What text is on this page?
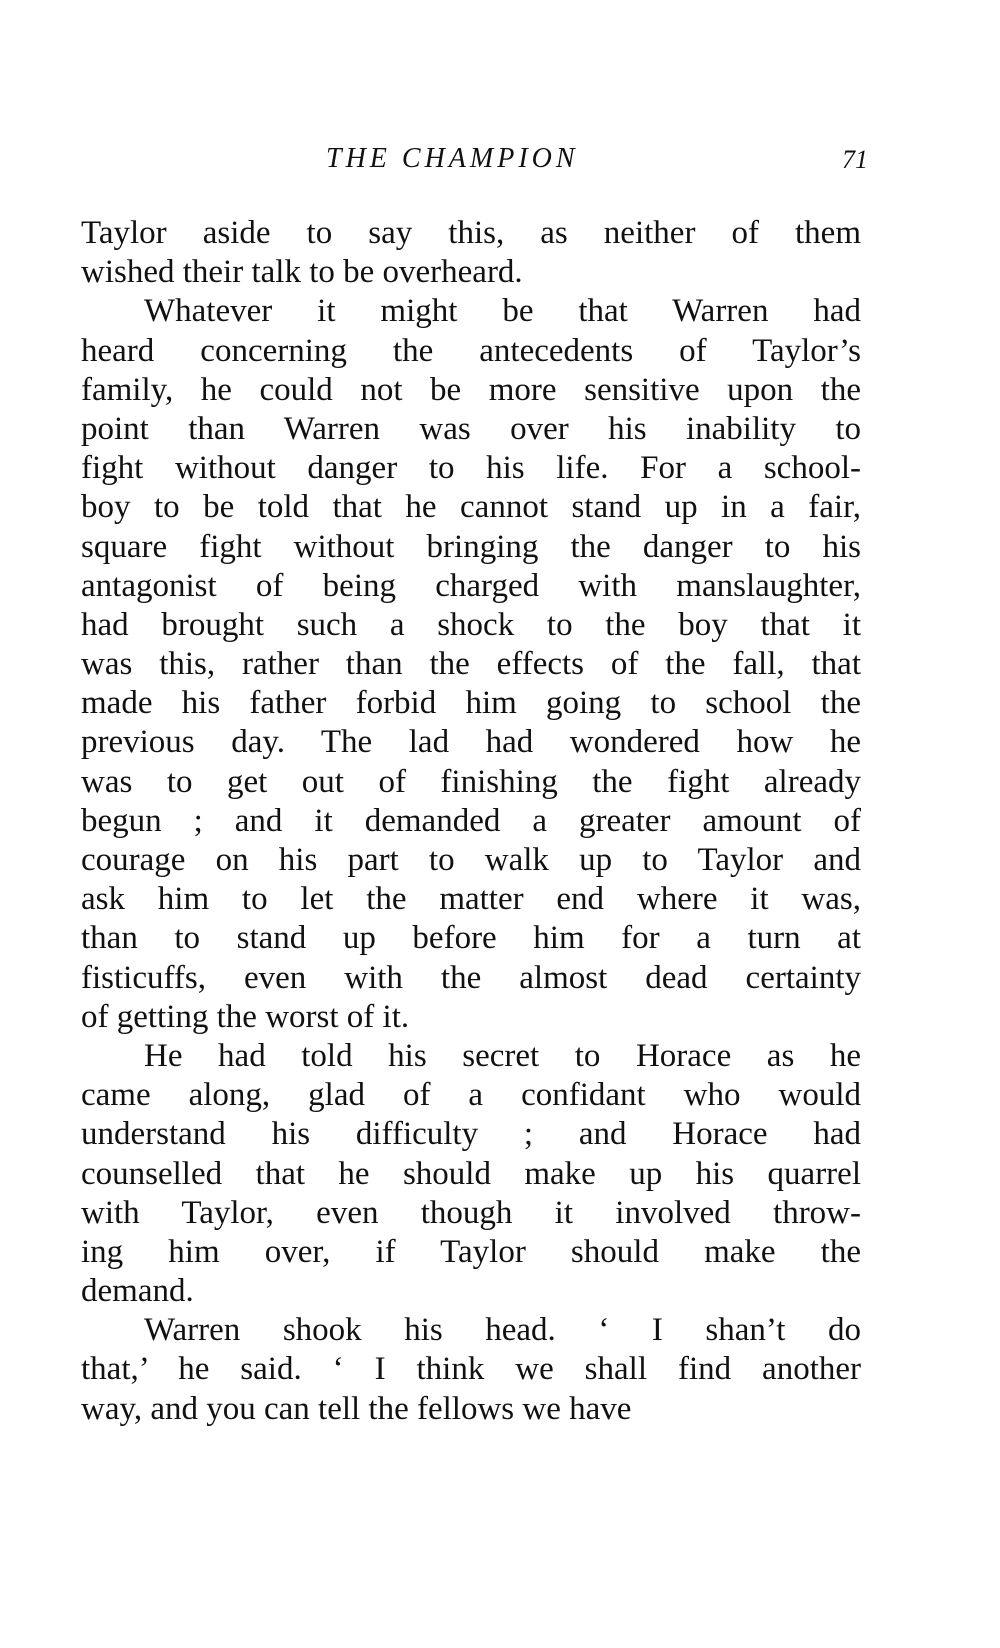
THE CHAMPION	71
Taylor aside to say this, as neither of them
wished their talk to be overheard.
Whatever it might be that Warren had
heard concerning the antecedents of Taylor’s
family, he could not be more sensitive upon the
point than Warren was over his inability to
fight without danger to his life. For a school-
boy to be told that he cannot stand up in a fair,
square fight without bringing the danger to his
antagonist of being charged with manslaughter,
had brought such a shock to the boy that it
was this, rather than the effects of the fall, that
made his father forbid him going to school the
previous day. The lad had wondered how he
was to get out of finishing the fight already
begun ; and it demanded a greater amount of
courage on his part to walk up to Taylor and
ask him to let the matter end where it was,
than to stand up before him for a turn at
fisticuffs, even with the almost dead certainty
of getting the worst of it.
He had told his secret to Horace as he
came along, glad of a confidant who would
understand his difficulty ; and Horace had
counselled that he should make up his quarrel
with Taylor, even though it involved throw-
ing him over, if Taylor should make the
demand.
Warren shook his head. ‘ I shan’t do
that,’ he said. ‘ I think we shall find another
way, and you can tell the fellows we have
